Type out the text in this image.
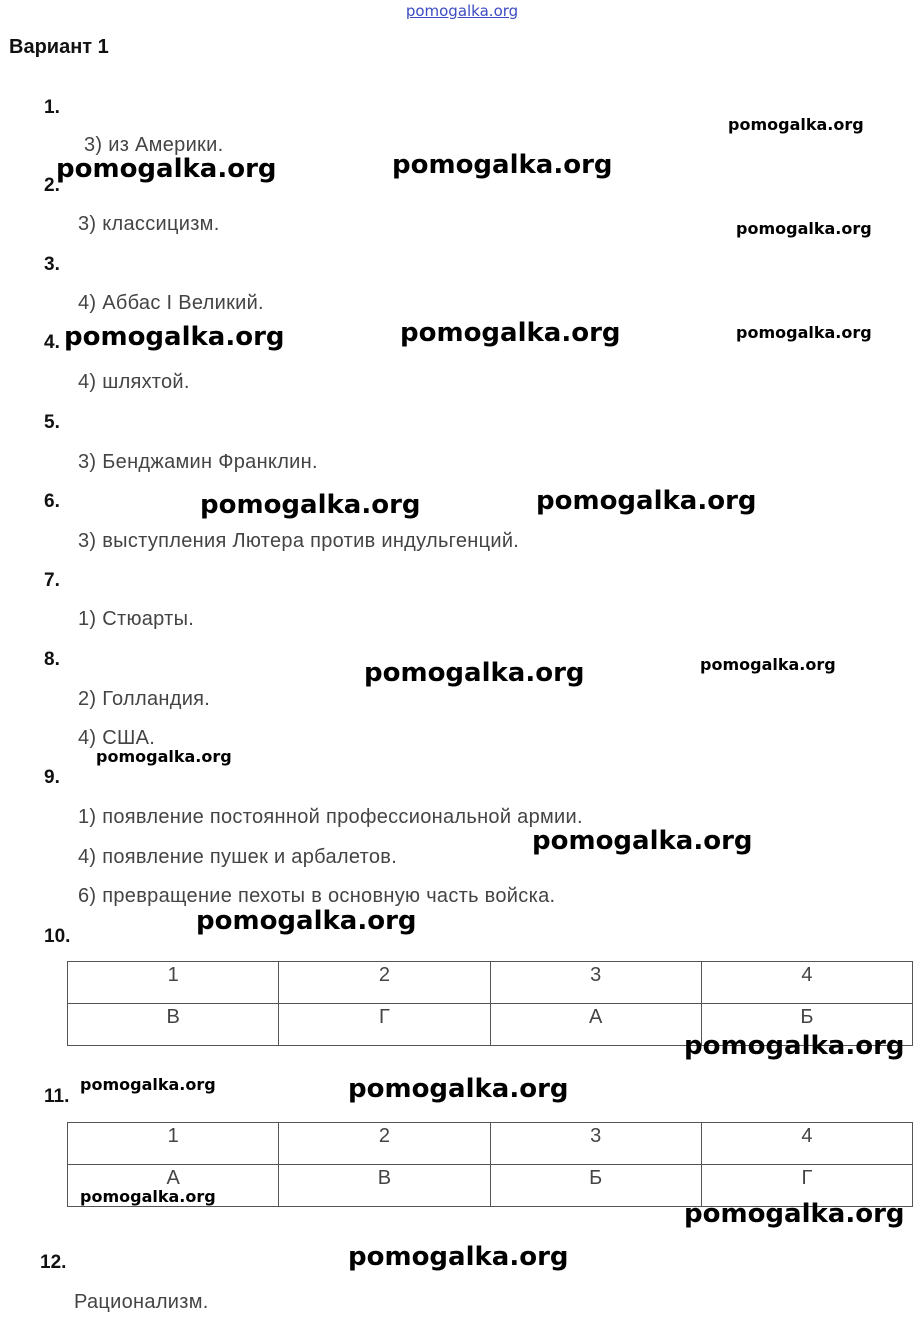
pomogalka.org
Вариант 1
1.
3) из Америки.
2.
3) классицизм.
3.
4) Аббас I Великий.
4.
4) шляхтой.
5.
3) Бенджамин Франклин.
6.
3) выступления Лютера против индульгенций.
7.
1) Стюарты.
8.
2) Голландия.
4) США.
9.
1) появление постоянной профессиональной армии.
4) появление пушек и арбалетов.
6) превращение пехоты в основную часть войска.
10.
1	2	3	4
В	Г	А	Б
11.
1	2	3	4
А	В	Б	Г
12.
Рационализм.
pomogalka.org
pomogalka.org	pomogalka.org
pomogalka.org
pomogalka.org	pomogalka.org	pomogalka.org
pomogalka.org	pomogalka.org
pomogalka.org	pomogalka.org
pomogalka.org
pomogalka.org
pomogalka.org
pomogalka.org
pomogalka.org	pomogalka.org
pomogalka.org
pomogalka.org
pomogalka.org
